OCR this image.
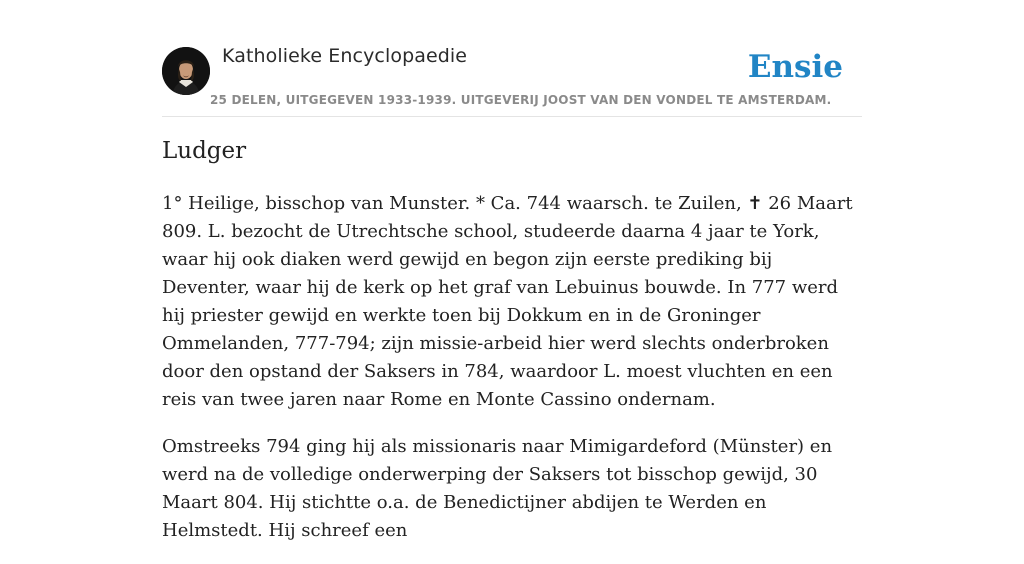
Katholieke Encyclopaedie
25 DELEN, UITGEGEVEN 1933-1939. UITGEVERIJ JOOST VAN DEN VONDEL TE AMSTERDAM.
Ensie
Ludger

1° Heilige, bisschop van Munster. * Ca. 744 waarsch. te Zuilen, ✝ 26 Maart 809. L. bezocht de Utrechtsche school, studeerde daarna 4 jaar te York, waar hij ook diaken werd gewijd en begon zijn eerste prediking bij Deventer, waar hij de kerk op het graf van Lebuinus bouwde. In 777 werd hij priester gewijd en werkte toen bij Dokkum en in de Groninger Ommelanden, 777-794; zijn missie-arbeid hier werd slechts onderbroken door den opstand der Saksers in 784, waardoor L. moest vluchten en een reis van twee jaren naar Rome en Monte Cassino ondernam.

Omstreeks 794 ging hij als missionaris naar Mimigardeford (Münster) en werd na de volledige onderwerping der Saksers tot bisschop gewijd, 30 Maart 804. Hij stichtte o.a. de Benedictijner abdijen te Werden en Helmstedt. Hij schreef een
